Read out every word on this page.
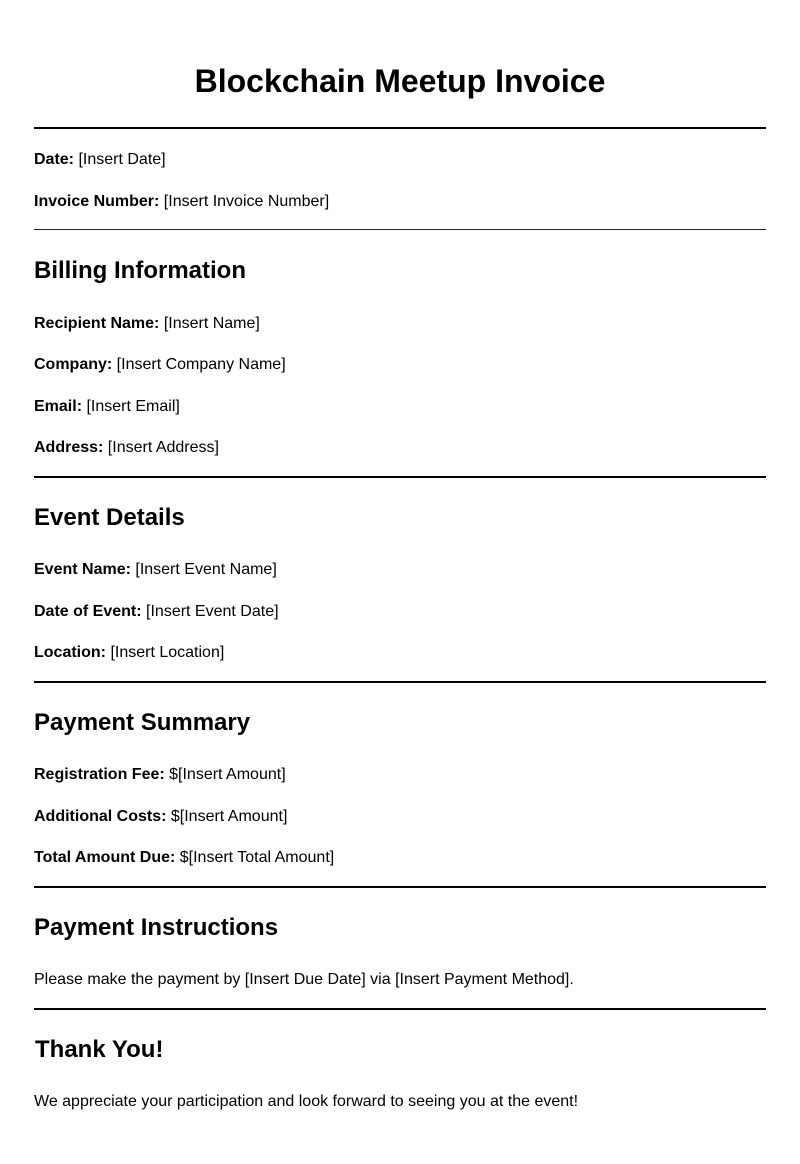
Blockchain Meetup Invoice

Date: [Insert Date]

Invoice Number: [Insert Invoice Number]

Billing Information

Recipient Name: [Insert Name]

Company: [Insert Company Name]

Email: [Insert Email]

Address: [Insert Address]

Event Details

Event Name: [Insert Event Name]

Date of Event: [Insert Event Date]

Location: [Insert Location]

Payment Summary

Registration Fee: $[Insert Amount]

Additional Costs: $[Insert Amount]

Total Amount Due: $[Insert Total Amount]

Payment Instructions

Please make the payment by [Insert Due Date] via [Insert Payment Method].

Thank You!

We appreciate your participation and look forward to seeing you at the event!
